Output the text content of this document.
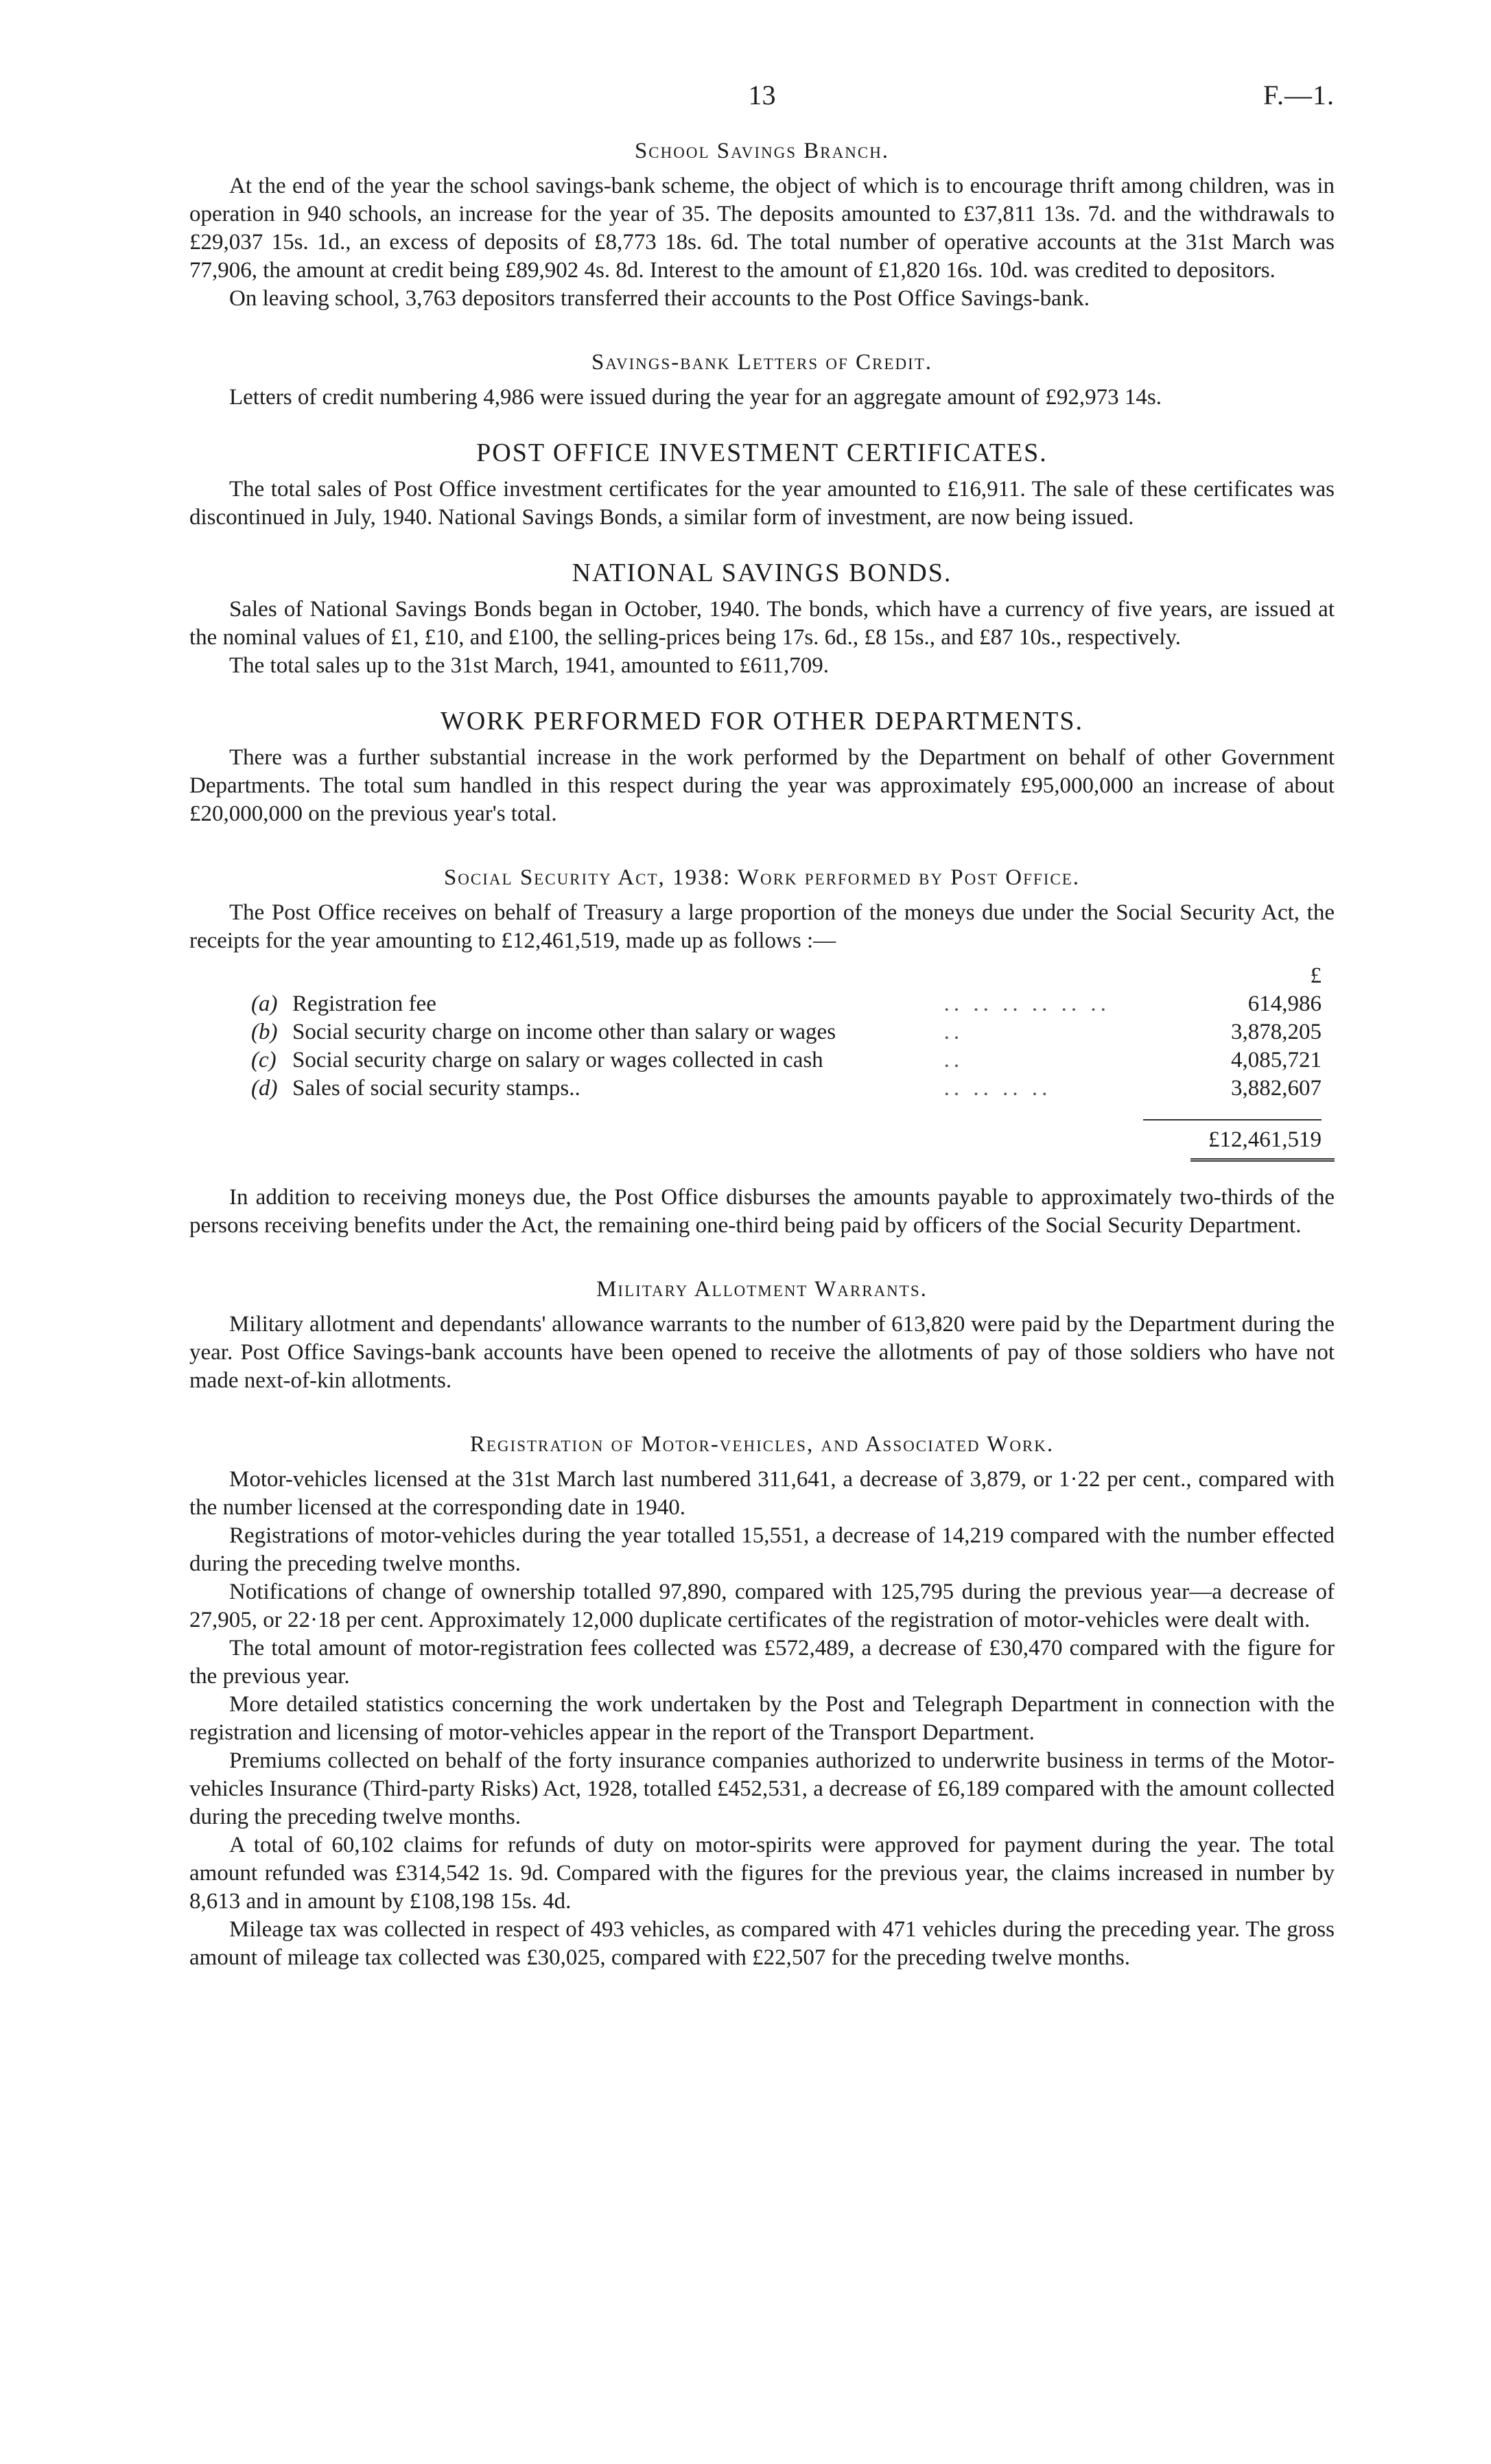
13	F.—1.
School Savings Branch.

At the end of the year the school savings-bank scheme, the object of which is to encourage thrift among children, was in operation in 940 schools, an increase for the year of 35. The deposits amounted to £37,811 13s. 7d. and the withdrawals to £29,037 15s. 1d., an excess of deposits of £8,773 18s. 6d. The total number of operative accounts at the 31st March was 77,906, the amount at credit being £89,902 4s. 8d. Interest to the amount of £1,820 16s. 10d. was credited to depositors.

On leaving school, 3,763 depositors transferred their accounts to the Post Office Savings-bank.

Savings-bank Letters of Credit.

Letters of credit numbering 4,986 were issued during the year for an aggregate amount of £92,973 14s.

POST OFFICE INVESTMENT CERTIFICATES.

The total sales of Post Office investment certificates for the year amounted to £16,911. The sale of these certificates was discontinued in July, 1940. National Savings Bonds, a similar form of investment, are now being issued.

NATIONAL SAVINGS BONDS.

Sales of National Savings Bonds began in October, 1940. The bonds, which have a currency of five years, are issued at the nominal values of £1, £10, and £100, the selling-prices being 17s. 6d., £8 15s., and £87 10s., respectively.

The total sales up to the 31st March, 1941, amounted to £611,709.

WORK PERFORMED FOR OTHER DEPARTMENTS.

There was a further substantial increase in the work performed by the Department on behalf of other Government Departments. The total sum handled in this respect during the year was approximately £95,000,000 an increase of about £20,000,000 on the previous year's total.

Social Security Act, 1938: Work performed by Post Office.

The Post Office receives on behalf of Treasury a large proportion of the moneys due under the Social Security Act, the receipts for the year amounting to £12,461,519, made up as follows :—

£			
(a)	Registration fee	.. .. .. .. .. ..	614,986
(b)	Social security charge on income other than salary or wages	..	3,878,205
(c)	Social security charge on salary or wages collected in cash	..	4,085,721
(d)	Sales of social security stamps..	.. .. .. ..	3,882,607

			£12,461,519

In addition to receiving moneys due, the Post Office disburses the amounts payable to approximately two-thirds of the persons receiving benefits under the Act, the remaining one-third being paid by officers of the Social Security Department.

Military Allotment Warrants.

Military allotment and dependants' allowance warrants to the number of 613,820 were paid by the Department during the year. Post Office Savings-bank accounts have been opened to receive the allotments of pay of those soldiers who have not made next-of-kin allotments.

Registration of Motor-vehicles, and Associated Work.

Motor-vehicles licensed at the 31st March last numbered 311,641, a decrease of 3,879, or 1·22 per cent., compared with the number licensed at the corresponding date in 1940.

Registrations of motor-vehicles during the year totalled 15,551, a decrease of 14,219 compared with the number effected during the preceding twelve months.

Notifications of change of ownership totalled 97,890, compared with 125,795 during the previous year—a decrease of 27,905, or 22·18 per cent. Approximately 12,000 duplicate certificates of the registration of motor-vehicles were dealt with.

The total amount of motor-registration fees collected was £572,489, a decrease of £30,470 compared with the figure for the previous year.

More detailed statistics concerning the work undertaken by the Post and Telegraph Department in connection with the registration and licensing of motor-vehicles appear in the report of the Transport Department.

Premiums collected on behalf of the forty insurance companies authorized to underwrite business in terms of the Motor-vehicles Insurance (Third-party Risks) Act, 1928, totalled £452,531, a decrease of £6,189 compared with the amount collected during the preceding twelve months.

A total of 60,102 claims for refunds of duty on motor-spirits were approved for payment during the year. The total amount refunded was £314,542 1s. 9d. Compared with the figures for the previous year, the claims increased in number by 8,613 and in amount by £108,198 15s. 4d.

Mileage tax was collected in respect of 493 vehicles, as compared with 471 vehicles during the preceding year. The gross amount of mileage tax collected was £30,025, compared with £22,507 for the preceding twelve months.
